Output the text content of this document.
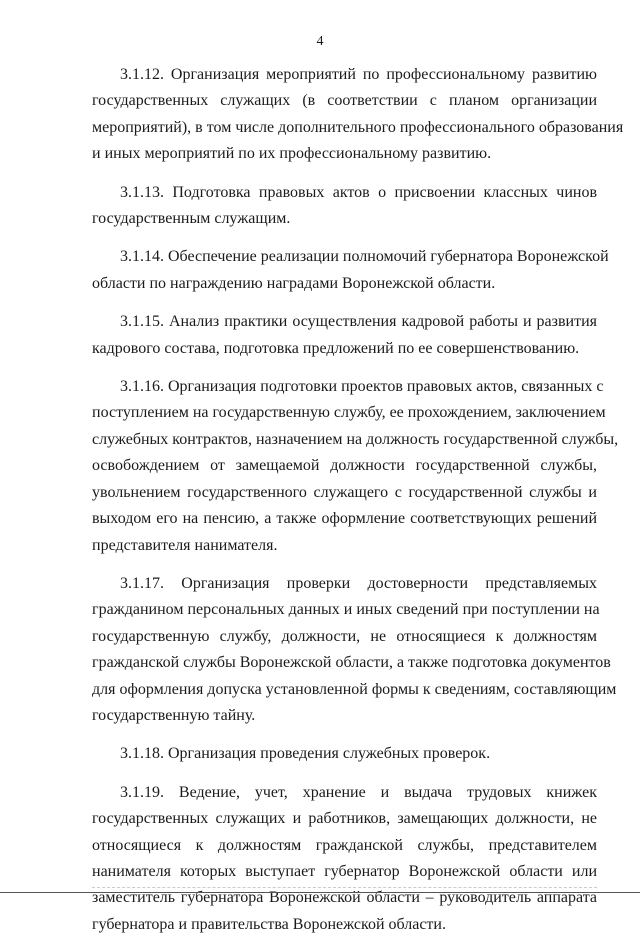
4

3.1.12. Организация мероприятий по профессиональному развитию
государственных служащих (в соответствии с планом организации
мероприятий), в том числе дополнительного профессионального образования
и иных мероприятий по их профессиональному развитию.

3.1.13. Подготовка правовых актов о присвоении классных чинов
государственным служащим.

3.1.14. Обеспечение реализации полномочий губернатора Воронежской
области по награждению наградами Воронежской области.

3.1.15. Анализ практики осуществления кадровой работы и развития
кадрового состава, подготовка предложений по ее совершенствованию.

3.1.16. Организация подготовки проектов правовых актов, связанных с
поступлением на государственную службу, ее прохождением, заключением
служебных контрактов, назначением на должность государственной службы,
освобождением от замещаемой должности государственной службы,
увольнением государственного служащего с государственной службы и
выходом его на пенсию, а также оформление соответствующих решений
представителя нанимателя.

3.1.17. Организация проверки достоверности представляемых
гражданином персональных данных и иных сведений при поступлении на
государственную службу, должности, не относящиеся к должностям
гражданской службы Воронежской области, а также подготовка документов
для оформления допуска установленной формы к сведениям, составляющим
государственную тайну.

3.1.18. Организация проведения служебных проверок.

3.1.19. Ведение, учет, хранение и выдача трудовых книжек
государственных служащих и работников, замещающих должности, не
относящиеся к должностям гражданской службы, представителем
нанимателя которых выступает губернатор Воронежской области или
заместитель губернатора Воронежской области – руководитель аппарата
губернатора и правительства Воронежской области.
